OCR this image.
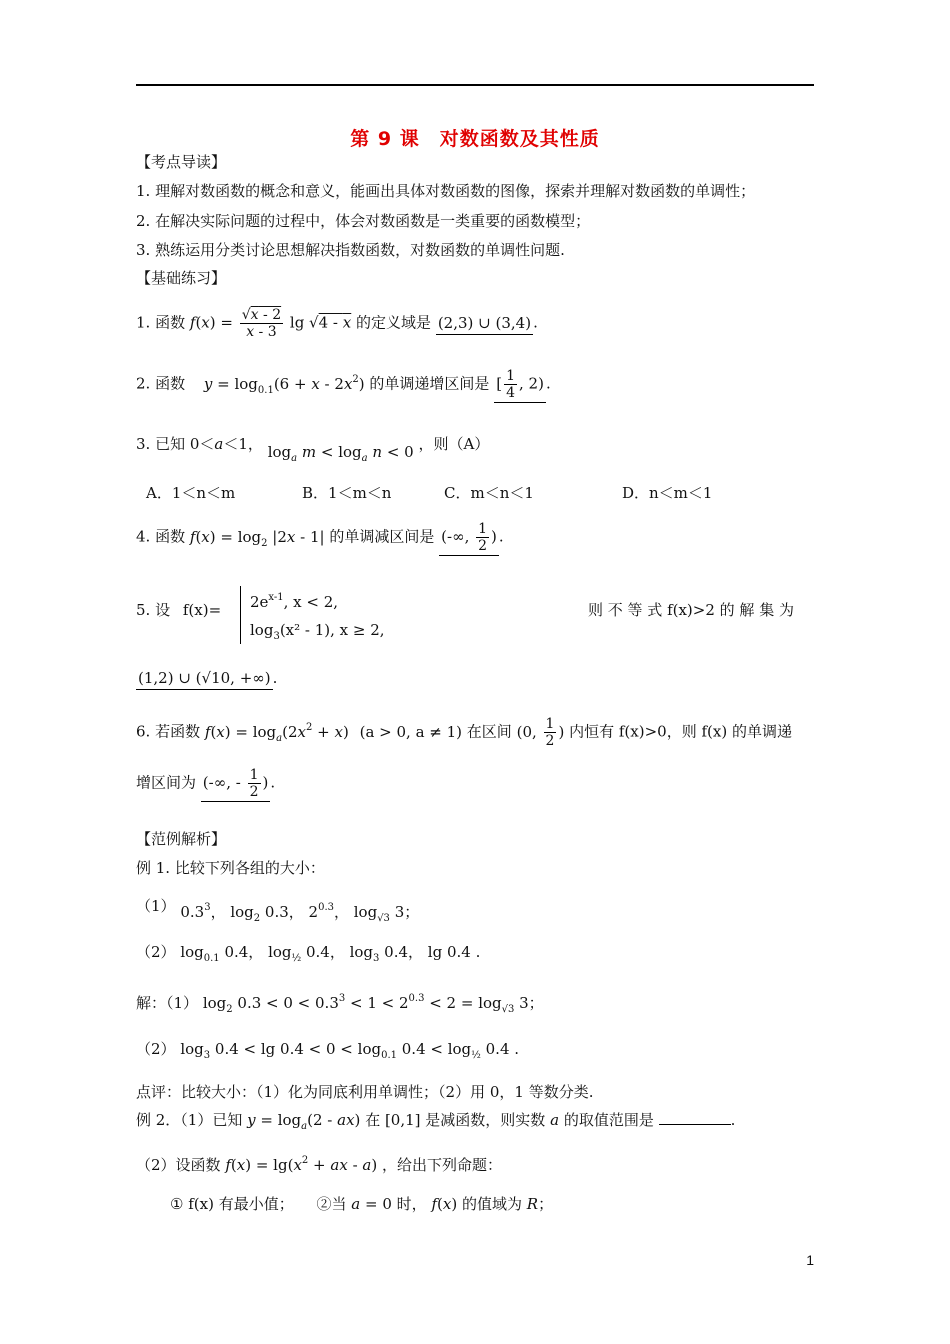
第 9 课　对数函数及其性质
【考点导读】
1. 理解对数函数的概念和意义，能画出具体对数函数的图像，探索并理解对数函数的单调性；
2. 在解决实际问题的过程中，体会对数函数是一类重要的函数模型；
3. 熟练运用分类讨论思想解决指数函数，对数函数的单调性问题.
【基础练习】
1. 函数 $f(x) = \frac{√x - 2}{x - 3}$ lg √4 - x 的定义域是 (2,3) ∪ (3,4) .
2. 函数 $y = \log_{0.1}(6 + x - 2x^2)$ 的单调递增区间是 [ $\frac{1}{4}$ , 2) .
3. 已知 0＜a＜1， $\log_a m < \log_a n < 0$ ，则（A）
A．1＜n＜m	B．1＜m＜n	C．m＜n＜1	D．n＜m＜1
4. 函数 $f(x) = \log_2 |2x - 1|$ 的单调减区间是 (-∞, $\frac{1}{2}$ ) .
5. 设 $f(x)= 2e^{x-1}$, x < 2,
$\log_3(x^2 - 1)$, x ≥ 2,
则 不 等 式 f(x)>2 的 解 集 为
(1,2) ∪ (√10, +∞) .
6. 若函数 $f(x) = \log_a(2x^2 + x) (a > 0$, a ≠ 1) 在区间 (0, $\frac{1}{2}$ ) 内恒有 f(x)>0，则 f(x) 的单调递
增区间为 (-∞, - $\frac{1}{2}$ ) .
【范例解析】
例 1. 比较下列各组的大小：
（1） $0.3^3$， $\log_2 0.3$， $2^{0.3}$， $\log_{√3} 3$；
（2） $\log_{0.1} 0.4$， $\log_{\frac{1}{2}} 0.4$， $\log_3 0.4$， lg 0.4 .
解：（1） $\log_2 0.3 < 0 < 0.3^3 < 1 < 2^{0.3} < 2 = \log_{√3} 3$；
（2） $\log_3 0.4 < \lg 0.4 < 0 < \log_{0.1} 0.4 < \log_{\frac{1}{2}} 0.4$ .
点评：比较大小：（1）化为同底利用单调性；（2）用 0，1 等数分类.
例 2．（1）已知 $y = \log_a(2 - ax)$ 在 [0,1] 是减函数，则实数 a 的取值范围是	.
（2）设函数 $f(x) = \lg(x^2$ + ax - a) ，给出下列命题：
① f(x) 有最小值； ②当 a = 0 时， f(x) 的值域为 R；
1
